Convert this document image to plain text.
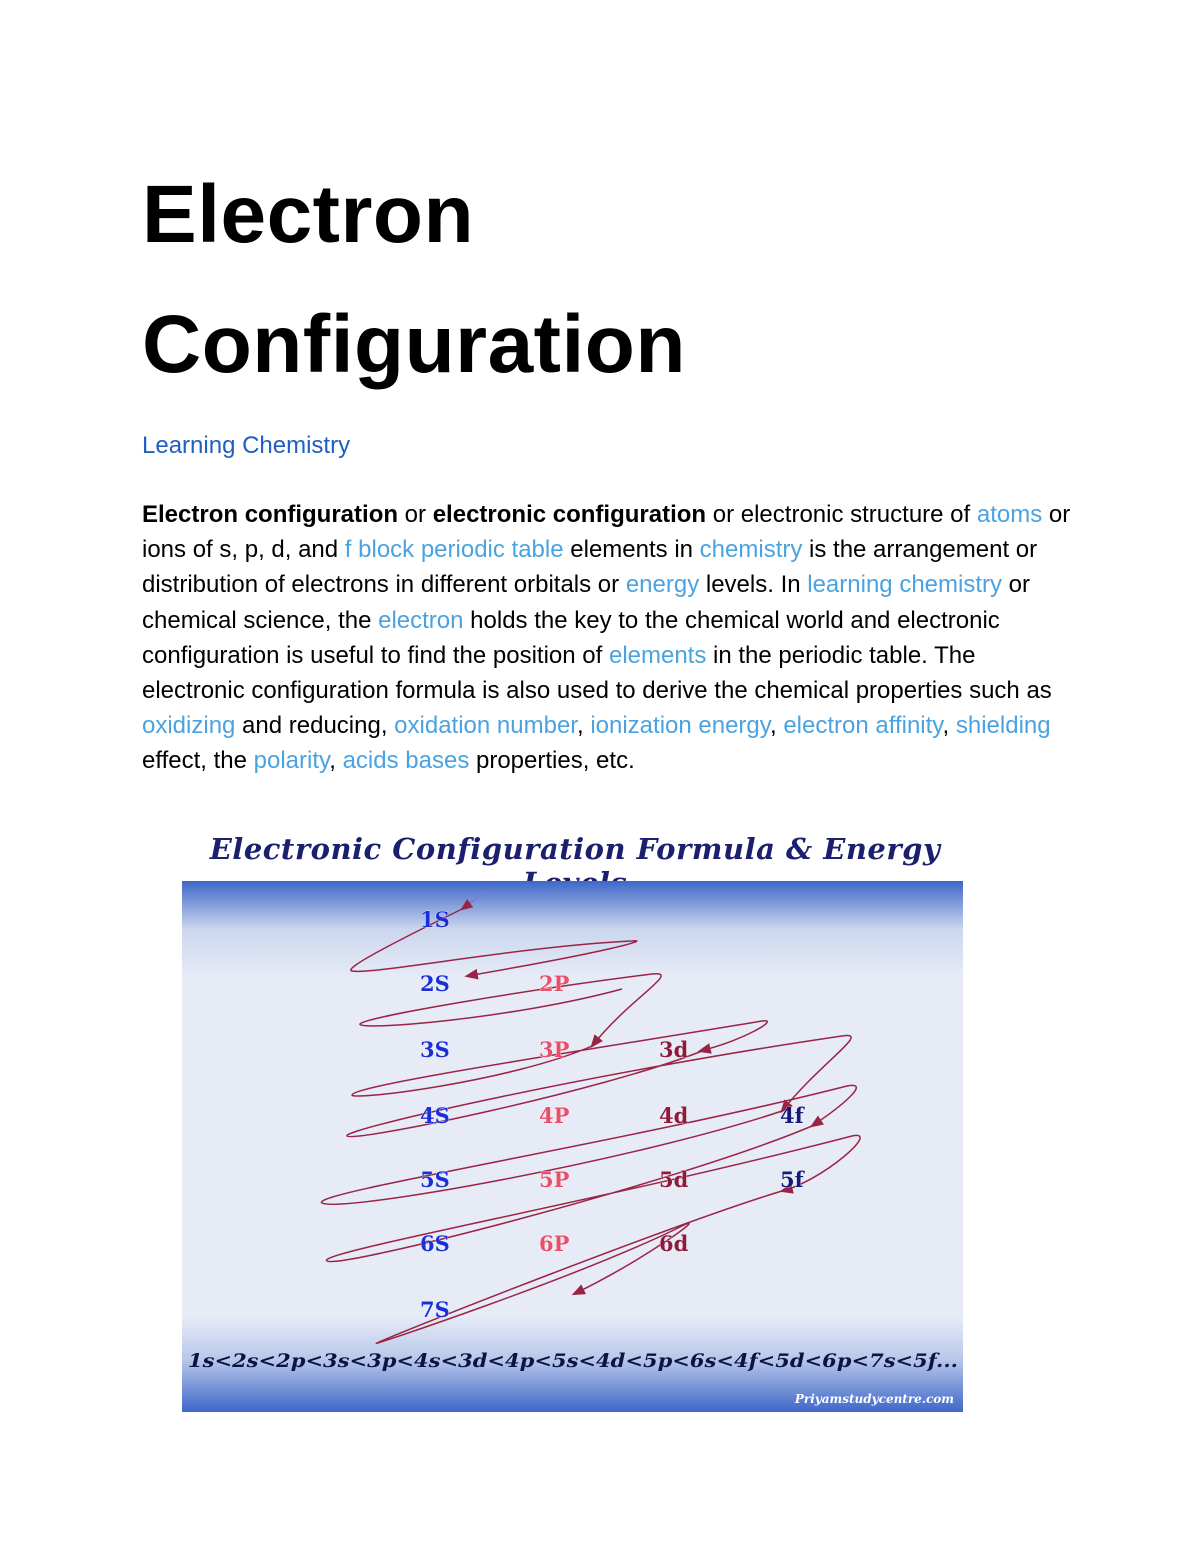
Electron
Configuration
Learning Chemistry

Electron configuration or electronic configuration or electronic structure of atoms or ions of s, p, d, and f block periodic table elements in chemistry is the arrangement or distribution of electrons in different orbitals or energy levels. In learning chemistry or chemical science, the electron holds the key to the chemical world and electronic configuration is useful to find the position of elements in the periodic table. The electronic configuration formula is also used to derive the chemical properties such as oxidizing and reducing, oxidation number, ionization energy, electron affinity, shielding effect, the polarity, acids bases properties, etc.

Electronic Configuration Formula & Energy
1S
2S
3S
4S
5S
6S
7S
2P
3P
4P
5P
6P
3d
4d
5d
6d
4f
5f
1s<2s<2p<3s<3p<4s<3d<4p<5s<4d<5p<6s<4f<5d<6p<7s<5f...
Priyamstudycentre.com
